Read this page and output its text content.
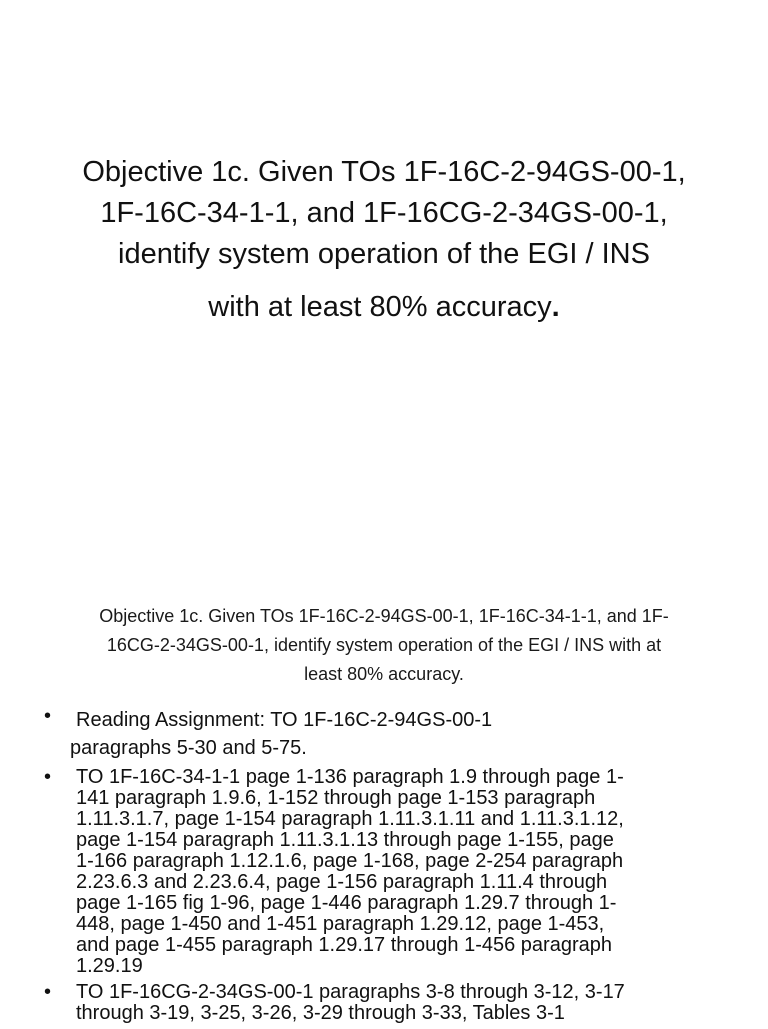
Objective 1c. Given TOs 1F-16C-2-94GS-00-1,
1F-16C-34-1-1, and 1F-16CG-2-34GS-00-1,
identify system operation of the EGI / INS
with at least 80% accuracy.
Objective 1c. Given TOs 1F-16C-2-94GS-00-1, 1F-16C-34-1-1, and 1F-
16CG-2-34GS-00-1, identify system operation of the EGI / INS with at
least 80% accuracy.
•	Reading Assignment: TO 1F-16C-2-94GS-00-1
paragraphs 5-30 and 5-75.
•	TO 1F-16C-34-1-1 page 1-136 paragraph 1.9 through page 1-
141 paragraph 1.9.6, 1-152 through page 1-153 paragraph
1.11.3.1.7, page 1-154 paragraph 1.11.3.1.11 and 1.11.3.1.12,
page 1-154 paragraph 1.11.3.1.13 through page 1-155, page
1-166 paragraph 1.12.1.6, page 1-168, page 2-254 paragraph
2.23.6.3 and 2.23.6.4, page 1-156 paragraph 1.11.4 through
page 1-165 fig 1-96, page 1-446 paragraph 1.29.7 through 1-
448, page 1-450 and 1-451 paragraph 1.29.12, page 1-453,
and page 1-455 paragraph 1.29.17 through 1-456 paragraph
1.29.19
•	TO 1F-16CG-2-34GS-00-1 paragraphs 3-8 through 3-12, 3-17
through 3-19, 3-25, 3-26, 3-29 through 3-33, Tables 3-1
